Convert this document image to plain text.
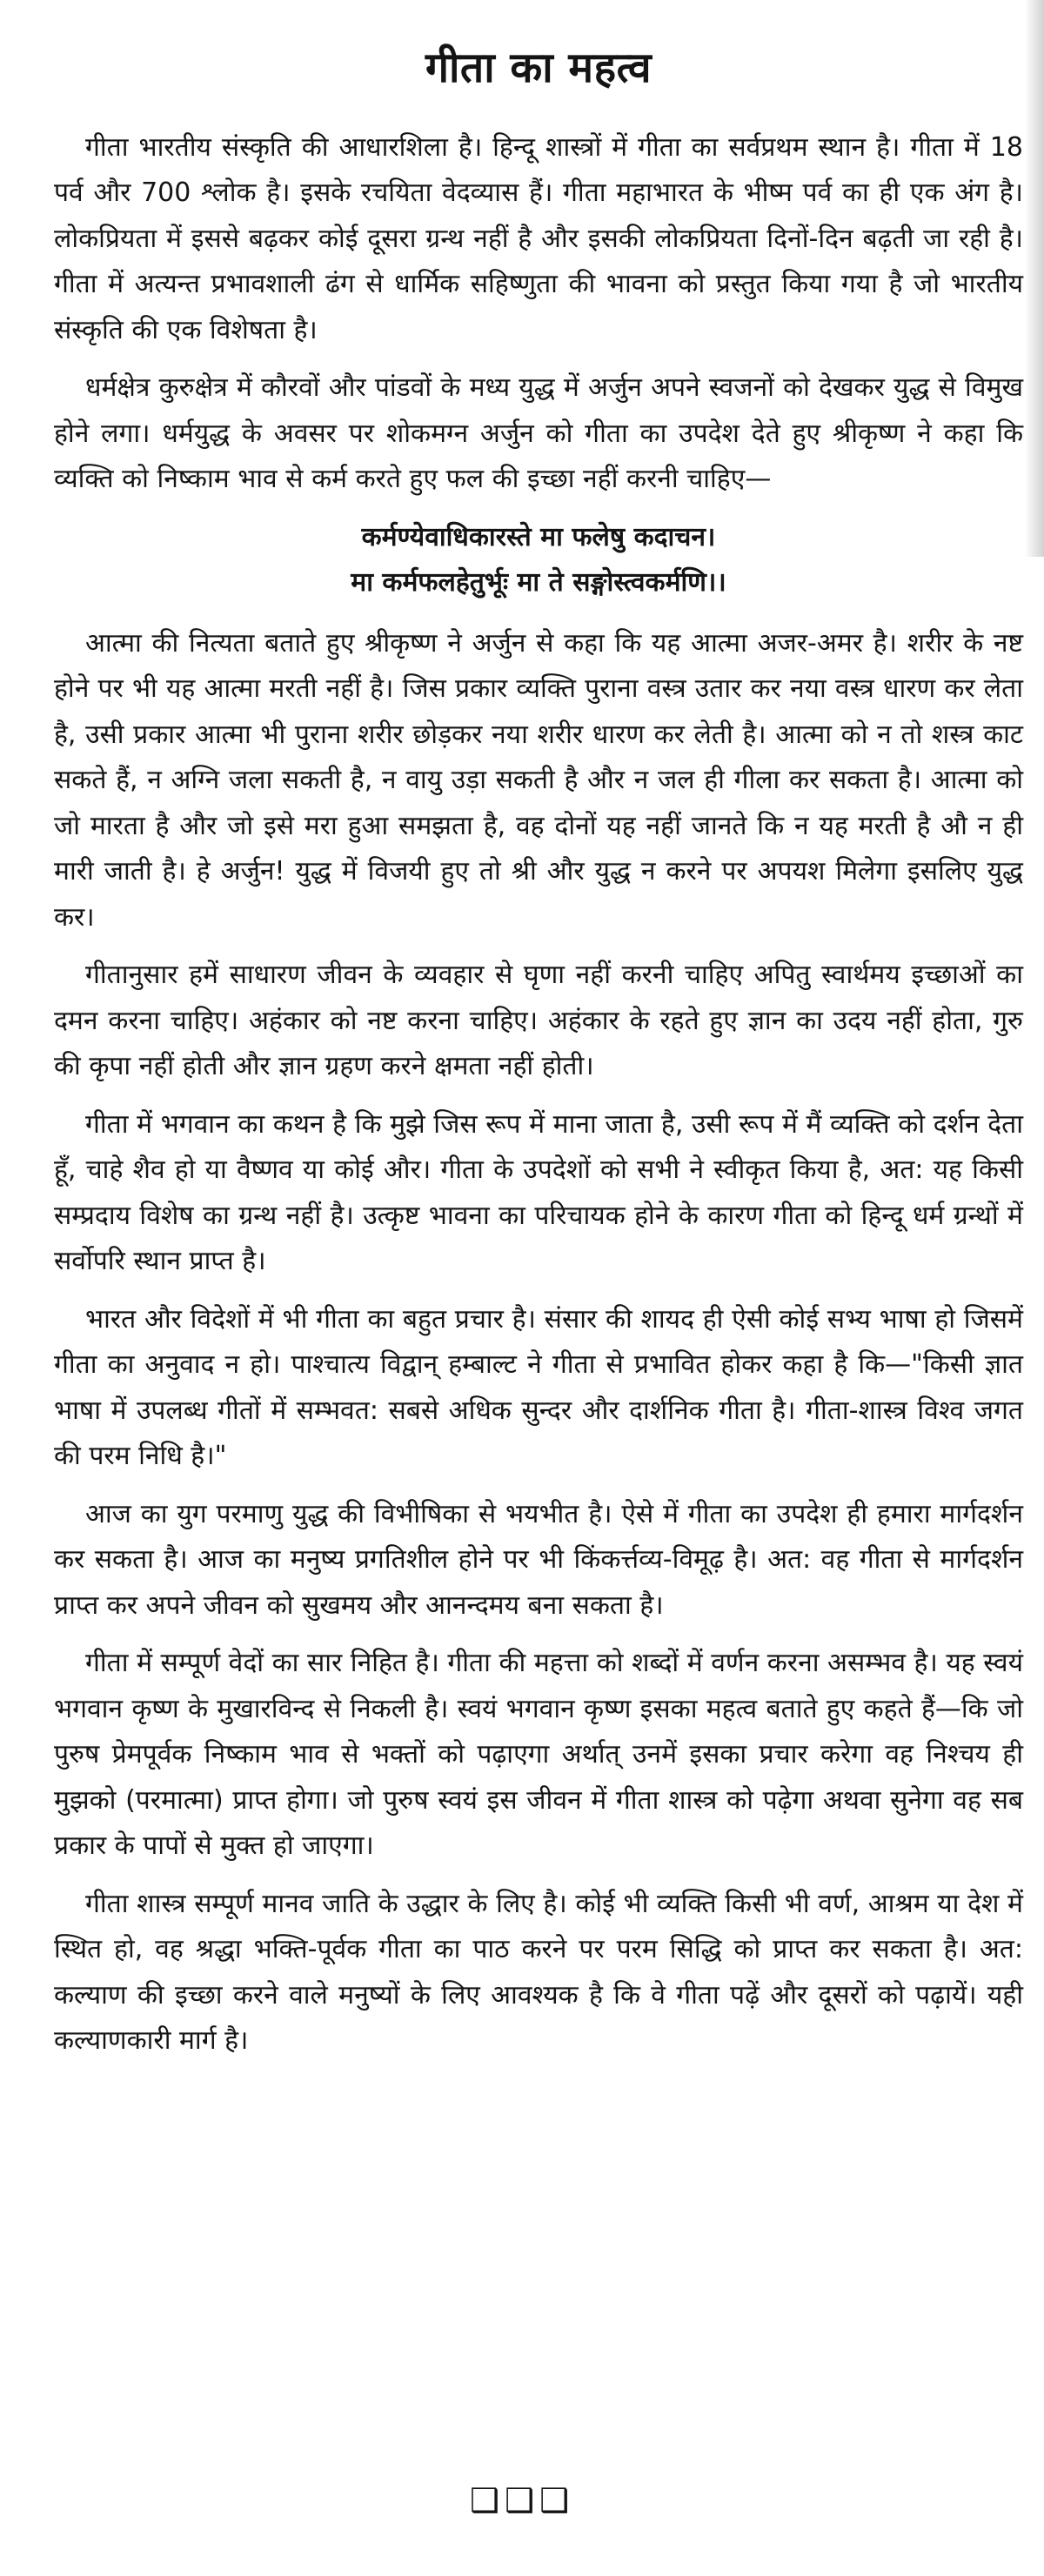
गीता का महत्व

गीता भारतीय संस्कृति की आधारशिला है। हिन्दू शास्त्रों में गीता का सर्वप्रथम स्थान है। गीता में 18 पर्व और 700 श्लोक है। इसके रचयिता वेदव्यास हैं। गीता महाभारत के भीष्म पर्व का ही एक अंग है। लोकप्रियता में इससे बढ़कर कोई दूसरा ग्रन्थ नहीं है और इसकी लोकप्रियता दिनों-दिन बढ़ती जा रही है। गीता में अत्यन्त प्रभावशाली ढंग से धार्मिक सहिष्णुता की भावना को प्रस्तुत किया गया है जो भारतीय संस्कृति की एक विशेषता है।

धर्मक्षेत्र कुरुक्षेत्र में कौरवों और पांडवों के मध्य युद्ध में अर्जुन अपने स्वजनों को देखकर युद्ध से विमुख होने लगा। धर्मयुद्ध के अवसर पर शोकमग्न अर्जुन को गीता का उपदेश देते हुए श्रीकृष्ण ने कहा कि व्यक्ति को निष्काम भाव से कर्म करते हुए फल की इच्छा नहीं करनी चाहिए—

कर्मण्येवाधिकारस्ते मा फलेषु कदाचन।
मा कर्मफलहेतुर्भूः मा ते सङ्गोस्त्वकर्मणि।।

आत्मा की नित्यता बताते हुए श्रीकृष्ण ने अर्जुन से कहा कि यह आत्मा अजर-अमर है। शरीर के नष्ट होने पर भी यह आत्मा मरती नहीं है। जिस प्रकार व्यक्ति पुराना वस्त्र उतार कर नया वस्त्र धारण कर लेता है, उसी प्रकार आत्मा भी पुराना शरीर छोड़कर नया शरीर धारण कर लेती है। आत्मा को न तो शस्त्र काट सकते हैं, न अग्नि जला सकती है, न वायु उड़ा सकती है और न जल ही गीला कर सकता है। आत्मा को जो मारता है और जो इसे मरा हुआ समझता है, वह दोनों यह नहीं जानते कि न यह मरती है औ न ही मारी जाती है। हे अर्जुन! युद्ध में विजयी हुए तो श्री और युद्ध न करने पर अपयश मिलेगा इसलिए युद्ध कर।

गीतानुसार हमें साधारण जीवन के व्यवहार से घृणा नहीं करनी चाहिए अपितु स्वार्थमय इच्छाओं का दमन करना चाहिए। अहंकार को नष्ट करना चाहिए। अहंकार के रहते हुए ज्ञान का उदय नहीं होता, गुरु की कृपा नहीं होती और ज्ञान ग्रहण करने क्षमता नहीं होती।

गीता में भगवान का कथन है कि मुझे जिस रूप में माना जाता है, उसी रूप में मैं व्यक्ति को दर्शन देता हूँ, चाहे शैव हो या वैष्णव या कोई और। गीता के उपदेशों को सभी ने स्वीकृत किया है, अत: यह किसी सम्प्रदाय विशेष का ग्रन्थ नहीं है। उत्कृष्ट भावना का परिचायक होने के कारण गीता को हिन्दू धर्म ग्रन्थों में सर्वोपरि स्थान प्राप्त है।

भारत और विदेशों में भी गीता का बहुत प्रचार है। संसार की शायद ही ऐसी कोई सभ्य भाषा हो जिसमें गीता का अनुवाद न हो। पाश्चात्य विद्वान् हम्बाल्ट ने गीता से प्रभावित होकर कहा है कि—"किसी ज्ञात भाषा में उपलब्ध गीतों में सम्भवत: सबसे अधिक सुन्दर और दार्शनिक गीता है। गीता-शास्त्र विश्व जगत की परम निधि है।"

आज का युग परमाणु युद्ध की विभीषिका से भयभीत है। ऐसे में गीता का उपदेश ही हमारा मार्गदर्शन कर सकता है। आज का मनुष्य प्रगतिशील होने पर भी किंकर्त्तव्य-विमूढ़ है। अत: वह गीता से मार्गदर्शन प्राप्त कर अपने जीवन को सुखमय और आनन्दमय बना सकता है।

गीता में सम्पूर्ण वेदों का सार निहित है। गीता की महत्ता को शब्दों में वर्णन करना असम्भव है। यह स्वयं भगवान कृष्ण के मुखारविन्द से निकली है। स्वयं भगवान कृष्ण इसका महत्व बताते हुए कहते हैं—कि जो पुरुष प्रेमपूर्वक निष्काम भाव से भक्तों को पढ़ाएगा अर्थात् उनमें इसका प्रचार करेगा वह निश्चय ही मुझको (परमात्मा) प्राप्त होगा। जो पुरुष स्वयं इस जीवन में गीता शास्त्र को पढ़ेगा अथवा सुनेगा वह सब प्रकार के पापों से मुक्त हो जाएगा।

गीता शास्त्र सम्पूर्ण मानव जाति के उद्धार के लिए है। कोई भी व्यक्ति किसी भी वर्ण, आश्रम या देश में स्थित हो, वह श्रद्धा भक्ति-पूर्वक गीता का पाठ करने पर परम सिद्धि को प्राप्त कर सकता है। अत: कल्याण की इच्छा करने वाले मनुष्यों के लिए आवश्यक है कि वे गीता पढ़ें और दूसरों को पढ़ायें। यही कल्याणकारी मार्ग है।

❑❑❑
